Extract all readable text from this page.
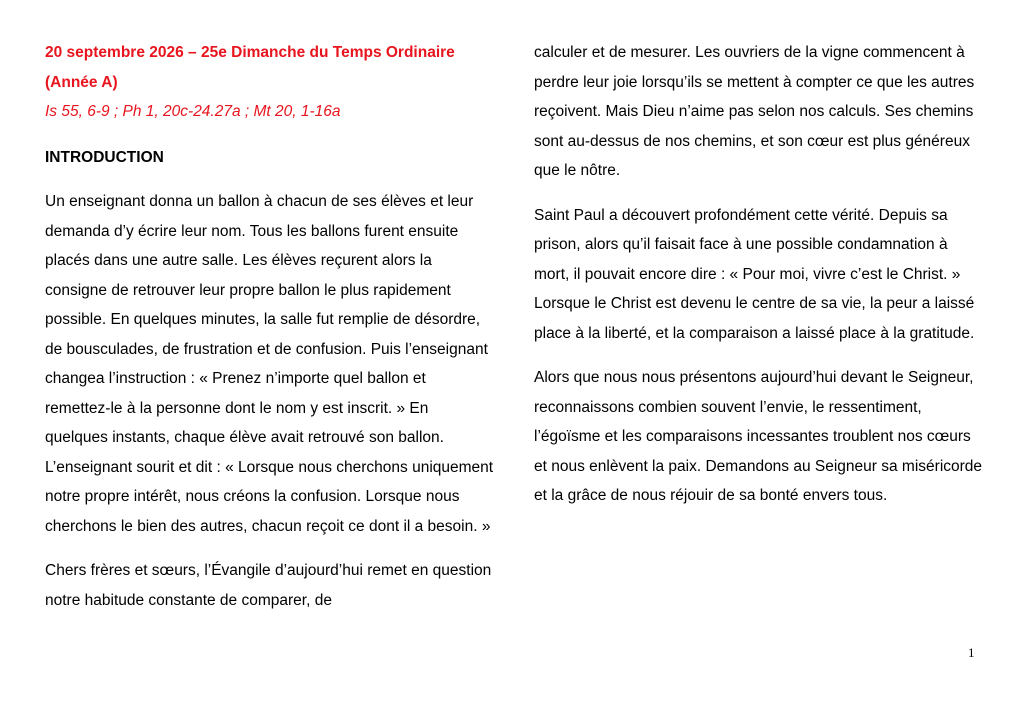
20 septembre 2026 – 25e Dimanche du Temps Ordinaire (Année A)

Is 55, 6-9 ; Ph 1, 20c-24.27a ; Mt 20, 1-16a

INTRODUCTION

Un enseignant donna un ballon à chacun de ses élèves et leur demanda d’y écrire leur nom. Tous les ballons furent ensuite placés dans une autre salle. Les élèves reçurent alors la consigne de retrouver leur propre ballon le plus rapidement possible. En quelques minutes, la salle fut remplie de désordre, de bousculades, de frustration et de confusion. Puis l’enseignant changea l’instruction : « Prenez n’importe quel ballon et remettez-le à la personne dont le nom y est inscrit. » En quelques instants, chaque élève avait retrouvé son ballon. L’enseignant sourit et dit : « Lorsque nous cherchons uniquement notre propre intérêt, nous créons la confusion. Lorsque nous cherchons le bien des autres, chacun reçoit ce dont il a besoin. »

Chers frères et sœurs, l’Évangile d’aujourd’hui remet en question notre habitude constante de comparer, de

calculer et de mesurer. Les ouvriers de la vigne commencent à perdre leur joie lorsqu’ils se mettent à compter ce que les autres reçoivent. Mais Dieu n’aime pas selon nos calculs. Ses chemins sont au-dessus de nos chemins, et son cœur est plus généreux que le nôtre.

Saint Paul a découvert profondément cette vérité. Depuis sa prison, alors qu’il faisait face à une possible condamnation à mort, il pouvait encore dire : « Pour moi, vivre c’est le Christ. » Lorsque le Christ est devenu le centre de sa vie, la peur a laissé place à la liberté, et la comparaison a laissé place à la gratitude.

Alors que nous nous présentons aujourd’hui devant le Seigneur, reconnaissons combien souvent l’envie, le ressentiment, l’égoïsme et les comparaisons incessantes troublent nos cœurs et nous enlèvent la paix. Demandons au Seigneur sa miséricorde et la grâce de nous réjouir de sa bonté envers tous.

1
